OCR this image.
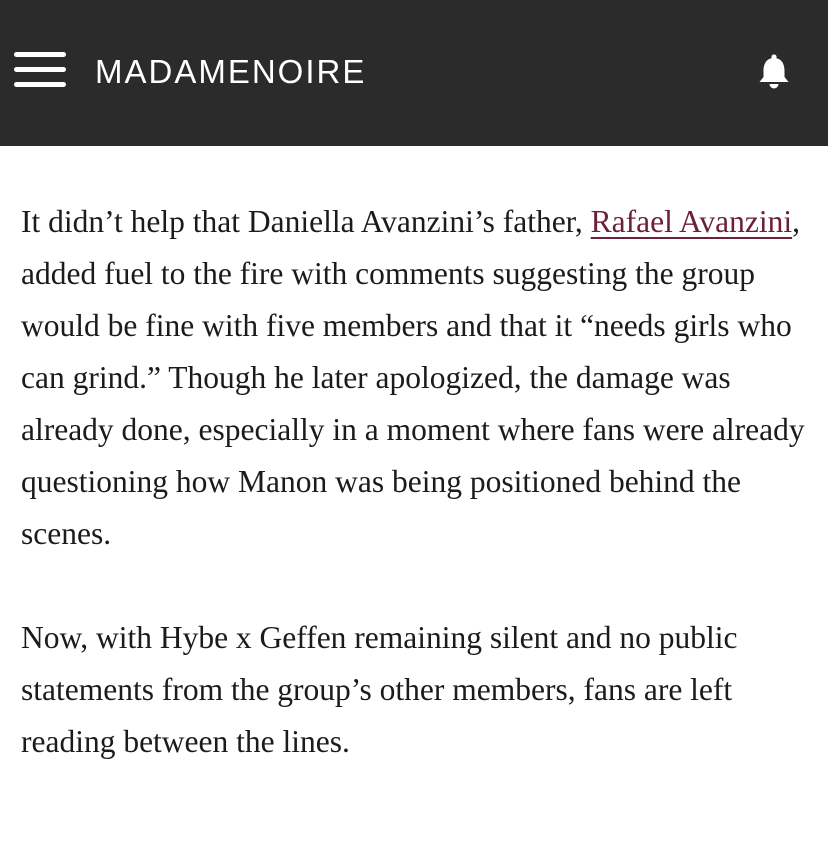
MADAMENOIRE

It didn’t help that Daniella Avanzini’s father, Rafael Avanzini, added fuel to the fire with comments suggesting the group would be fine with five members and that it “needs girls who can grind.” Though he later apologized, the damage was already done, especially in a moment where fans were already questioning how Manon was being positioned behind the scenes.

Now, with Hybe x Geffen remaining silent and no public statements from the group’s other members, fans are left reading between the lines.
